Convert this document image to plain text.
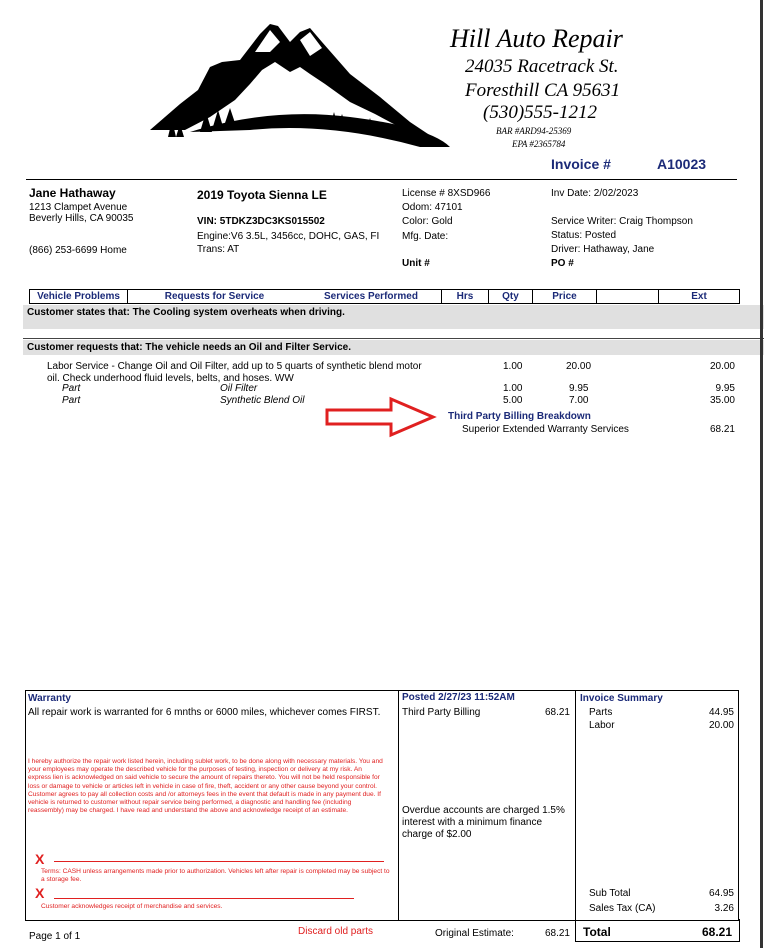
Hill Auto Repair
24035 Racetrack St.
Foresthill CA 95631
(530)555-1212
BAR #ARD94-25369
EPA #2365784
Invoice #	A10023
Jane Hathaway
1213 Clampet Avenue
Beverly Hills, CA 90035
(866) 253-6699 Home
2019 Toyota Sienna LE
VIN: 5TDKZ3DC3KS015502
Engine:V6 3.5L, 3456cc, DOHC, GAS, FI
Trans: AT
License # 8XSD966
Odom: 47101
Color: Gold
Mfg. Date:
Unit #
Inv Date: 2/02/2023
Service Writer: Craig Thompson
Status: Posted
Driver: Hathaway, Jane
PO #
Vehicle Problems	Requests for Service	Services Performed	Hrs	Qty	Price	Ext
Customer states that: The Cooling system overheats when driving.
Customer requests that: The vehicle needs an Oil and Filter Service.
Labor Service - Change Oil and Oil Filter, add up to 5 quarts of synthetic blend motor
oil. Check underhood fluid levels, belts, and hoses. WW
1.00	20.00	20.00
Part	Oil Filter	1.00	9.95	9.95
Part	Synthetic Blend Oil	5.00	7.00	35.00
Third Party Billing Breakdown
Superior Extended Warranty Services	68.21
Warranty
All repair work is warranted for 6 mnths or 6000 miles, whichever comes FIRST.
I hereby authorize the repair work listed herein, including sublet work, to be done along with necessary materials. You and your employees may operate the described vehicle for the purposes of testing, inspection or delivery at my risk. An express lien is acknowledged on said vehicle to secure the amount of repairs thereto. You will not be held responsible for loss or damage to vehicle or articles left in vehicle in case of fire, theft, accident or any other cause beyond your control. Customer agrees to pay all collection costs and /or attorneys fees in the event that default is made in any payment due. If vehicle is returned to customer without repair service being performed, a diagnostic and handling fee (including reassembly) may be charged. I have read and understand the above and acknowledge receipt of an estimate.
X
Terms: CASH unless arrangements made prior to authorization. Vehicles left after repair is completed may be subject to a storage fee.
X
Customer acknowledges receipt of merchandise and services.
Posted 2/27/23 11:52AM
Third Party Billing	68.21
Overdue accounts are charged 1.5% interest with a minimum finance charge of $2.00
Invoice Summary
Parts	44.95
Labor	20.00
Sub Total	64.95
Sales Tax (CA)	3.26
Page 1 of 1	Discard old parts	Original Estimate:	68.21 Total	68.21
